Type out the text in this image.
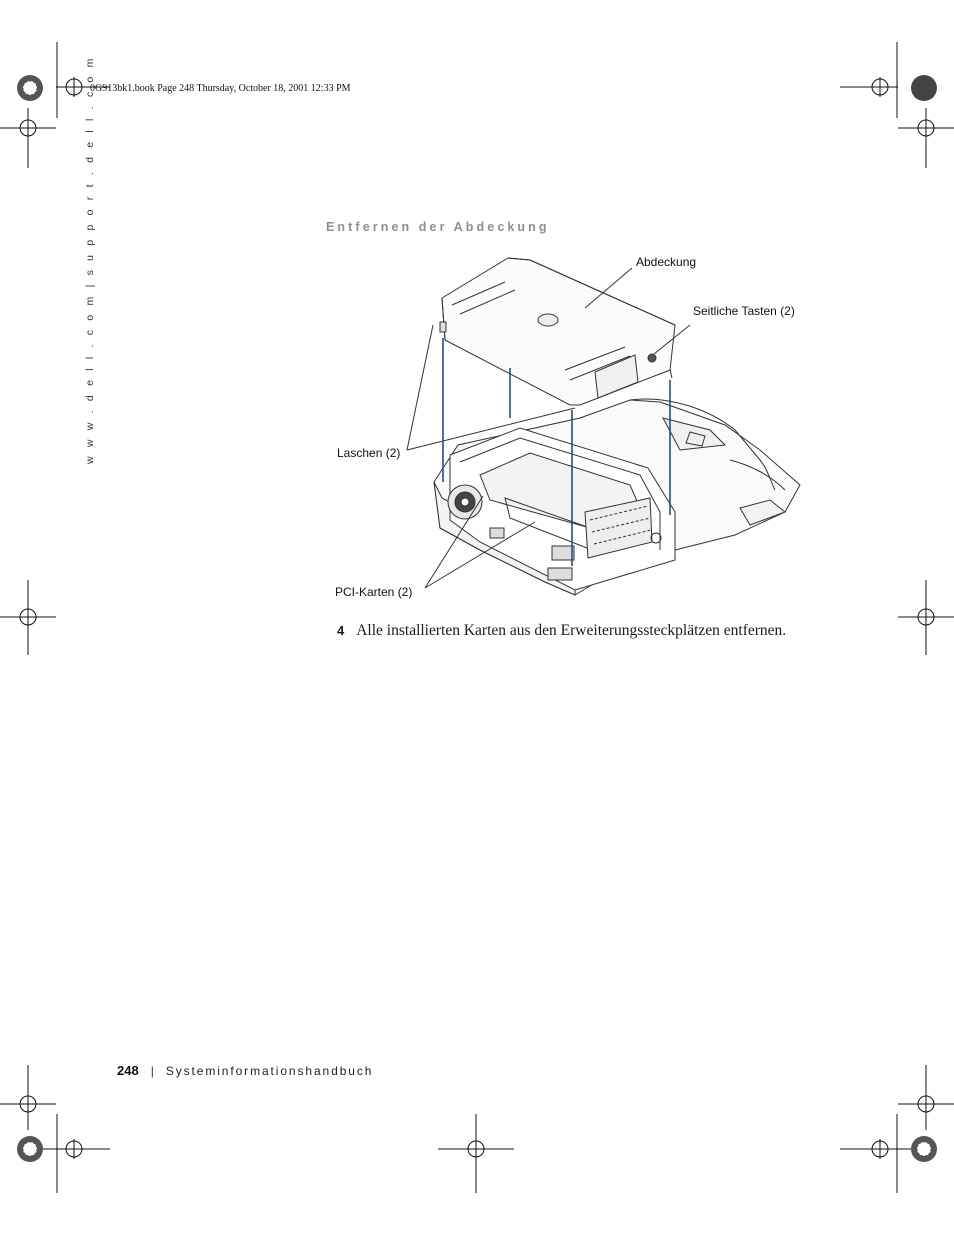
0G913bk1.book Page 248 Thursday, October 18, 2001 12:33 PM
w w w . d e l l . c o m | s u p p o r t . d e l l . c o m	Entfernen der Abdeckung
Abdeckung
Seitliche Tasten (2)
Laschen (2)
PCI-Karten (2)
4 Alle installierten Karten aus den Erweiterungssteckplätzen entfernen.
248 | Systeminformationshandbuch
